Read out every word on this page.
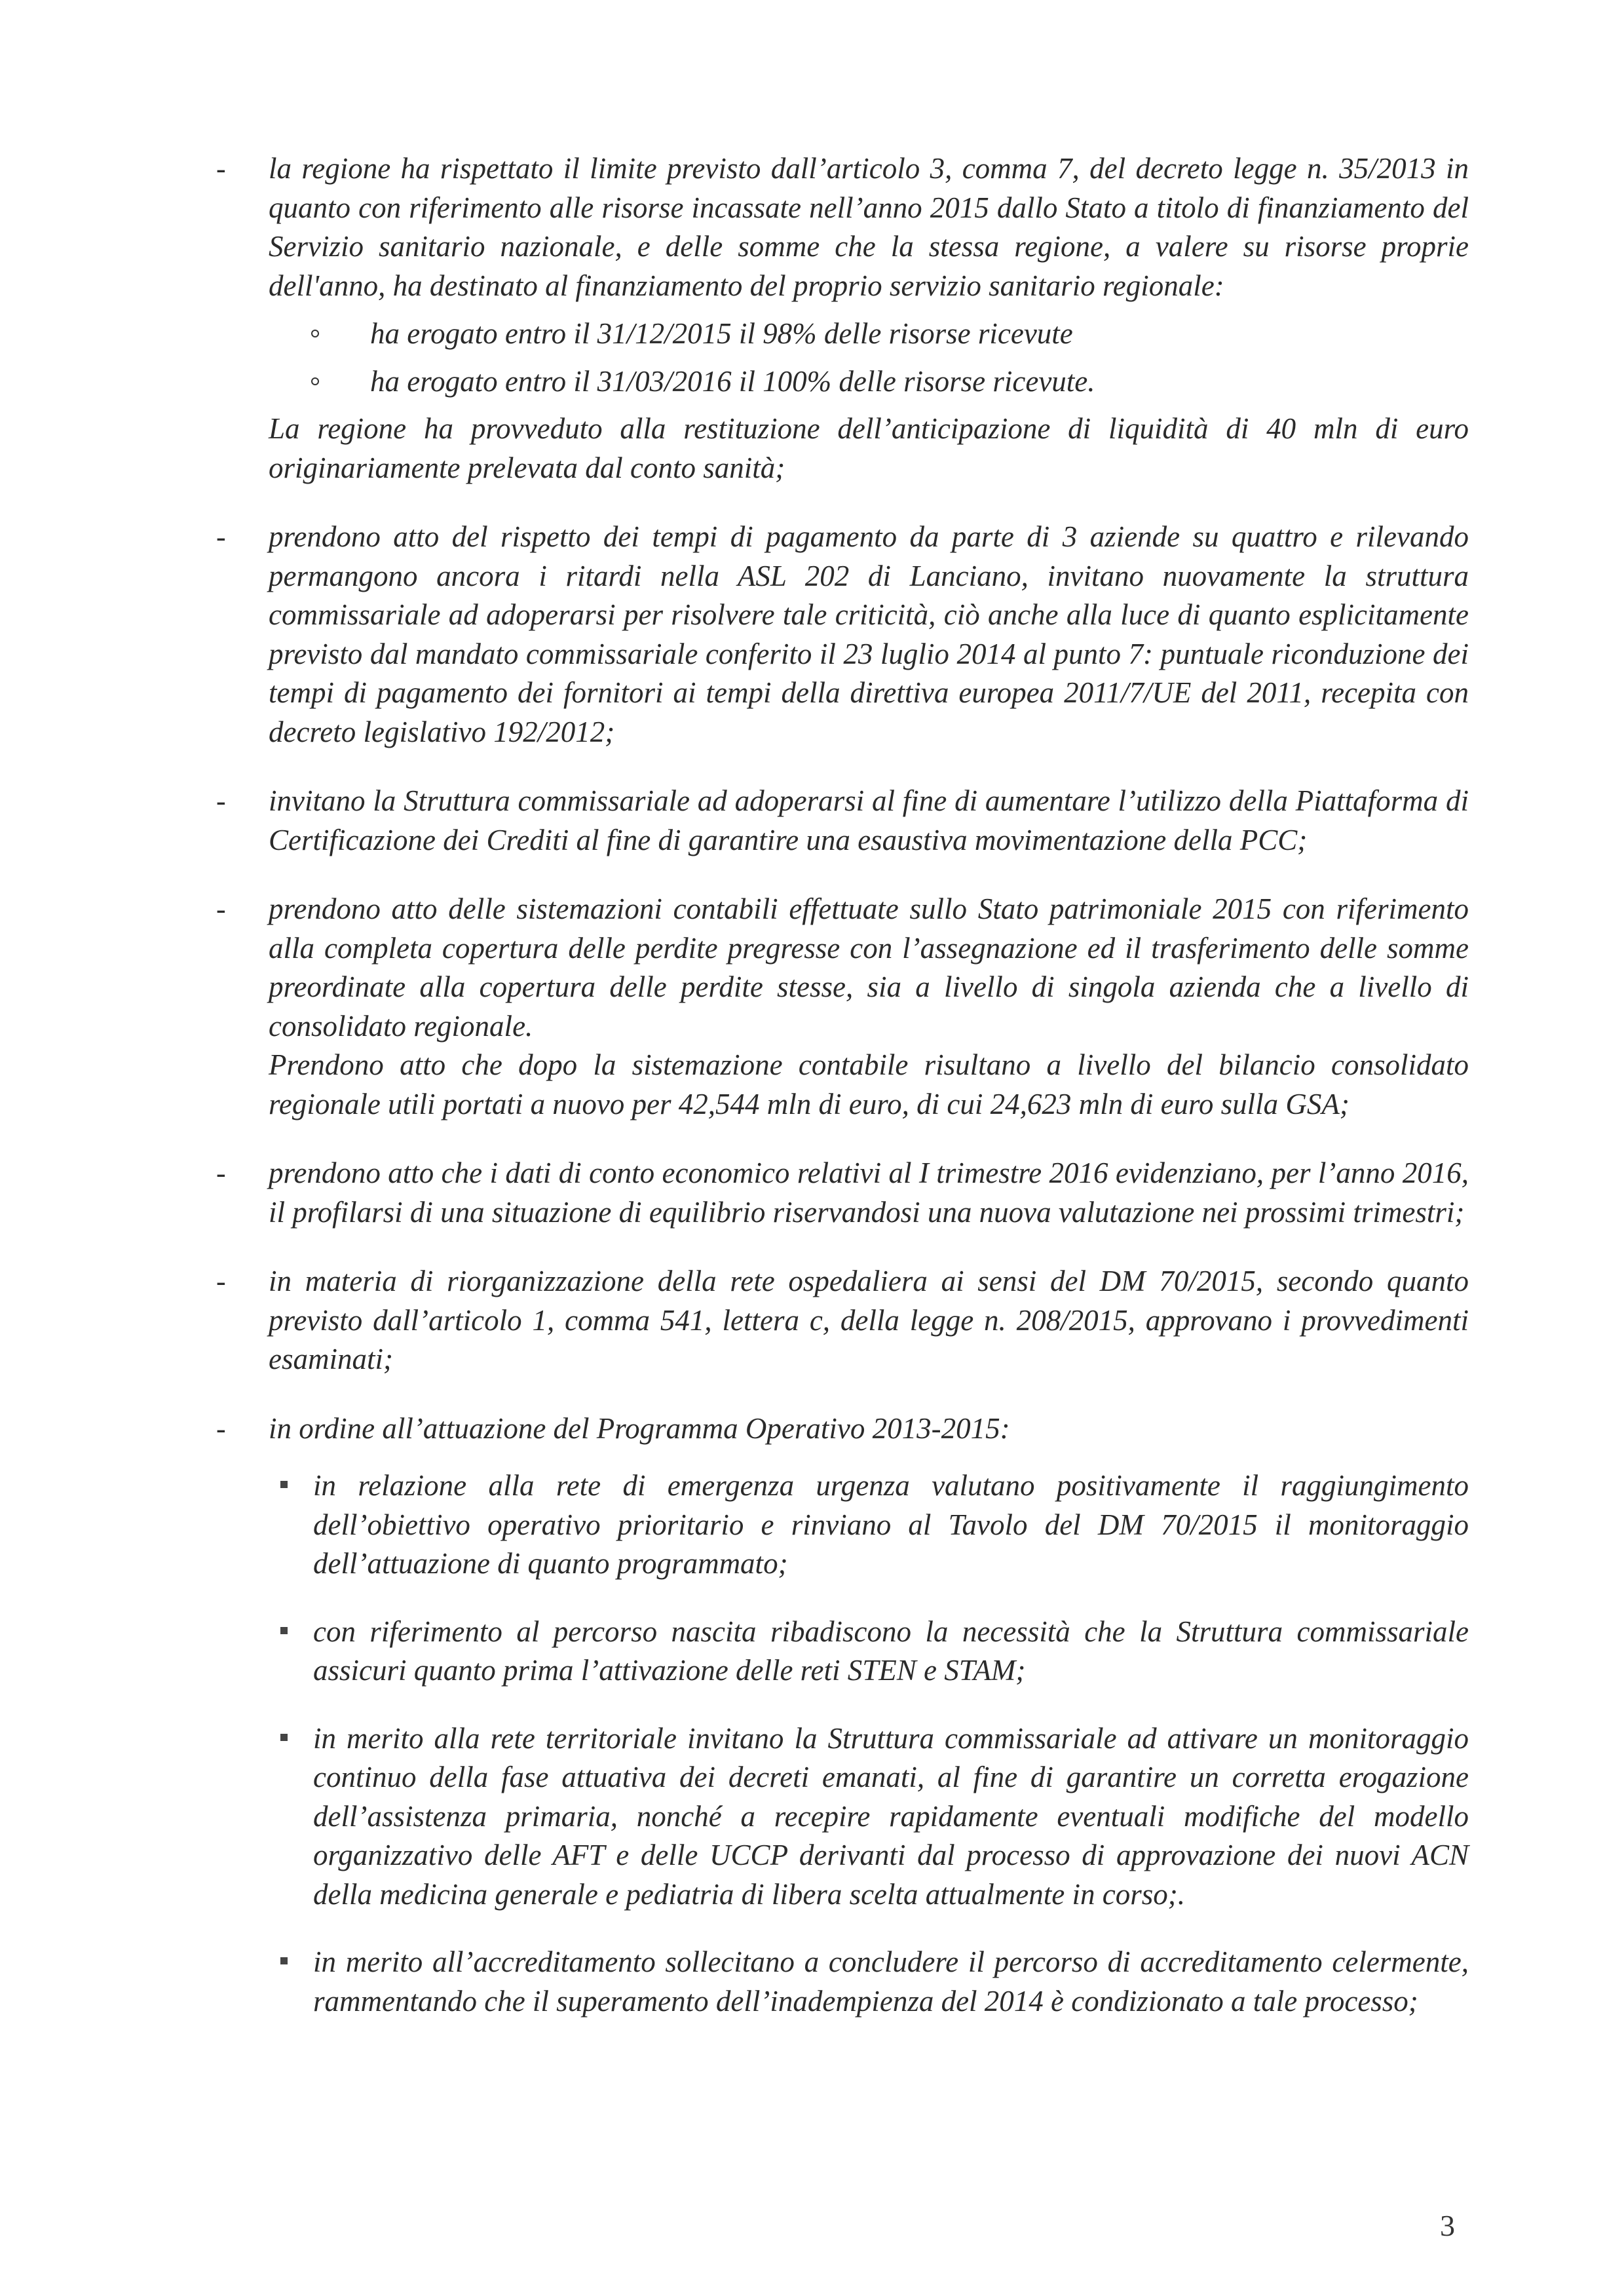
- la regione ha rispettato il limite previsto dall’articolo 3, comma 7, del decreto legge n. 35/2013 in quanto con riferimento alle risorse incassate nell’anno 2015 dallo Stato a titolo di finanziamento del Servizio sanitario nazionale, e delle somme che la stessa regione, a valere su risorse proprie dell'anno, ha destinato al finanziamento del proprio servizio sanitario regionale:

ha erogato entro il 31/12/2015 il 98% delle risorse ricevute
ha erogato entro il 31/03/2016 il 100% delle risorse ricevute.

La regione ha provveduto alla restituzione dell’anticipazione di liquidità di 40 mln di euro originariamente prelevata dal conto sanità;

- prendono atto del rispetto dei tempi di pagamento da parte di 3 aziende su quattro e rilevando permangono ancora i ritardi nella ASL 202 di Lanciano, invitano nuovamente la struttura commissariale ad adoperarsi per risolvere tale criticità, ciò anche alla luce di quanto esplicitamente previsto dal mandato commissariale conferito il 23 luglio 2014 al punto 7: puntuale riconduzione dei tempi di pagamento dei fornitori ai tempi della direttiva europea 2011/7/UE del 2011, recepita con decreto legislativo 192/2012;

- invitano la Struttura commissariale ad adoperarsi al fine di aumentare l’utilizzo della Piattaforma di Certificazione dei Crediti al fine di garantire una esaustiva movimentazione della PCC;

- prendono atto delle sistemazioni contabili effettuate sullo Stato patrimoniale 2015 con riferimento alla completa copertura delle perdite pregresse con l’assegnazione ed il trasferimento delle somme preordinate alla copertura delle perdite stesse, sia a livello di singola azienda che a livello di consolidato regionale.

Prendono atto che dopo la sistemazione contabile risultano a livello del bilancio consolidato regionale utili portati a nuovo per 42,544 mln di euro, di cui 24,623 mln di euro sulla GSA;

- prendono atto che i dati di conto economico relativi al I trimestre 2016 evidenziano, per l’anno 2016, il profilarsi di una situazione di equilibrio riservandosi una nuova valutazione nei prossimi trimestri;

- in materia di riorganizzazione della rete ospedaliera ai sensi del DM 70/2015, secondo quanto previsto dall’articolo 1, comma 541, lettera c, della legge n. 208/2015, approvano i provvedimenti esaminati;

- in ordine all’attuazione del Programma Operativo 2013-2015:

in relazione alla rete di emergenza urgenza valutano positivamente il raggiungimento dell’obiettivo operativo prioritario e rinviano al Tavolo del DM 70/2015 il monitoraggio dell’attuazione di quanto programmato;
con riferimento al percorso nascita ribadiscono la necessità che la Struttura commissariale assicuri quanto prima l’attivazione delle reti STEN e STAM;
in merito alla rete territoriale invitano la Struttura commissariale ad attivare un monitoraggio continuo della fase attuativa dei decreti emanati, al fine di garantire un corretta erogazione dell’assistenza primaria, nonché a recepire rapidamente eventuali modifiche del modello organizzativo delle AFT e delle UCCP derivanti dal processo di approvazione dei nuovi ACN della medicina generale e pediatria di libera scelta attualmente in corso;.
in merito all’accreditamento sollecitano a concludere il percorso di accreditamento celermente, rammentando che il superamento dell’inadempienza del 2014 è condizionato a tale processo;
3
